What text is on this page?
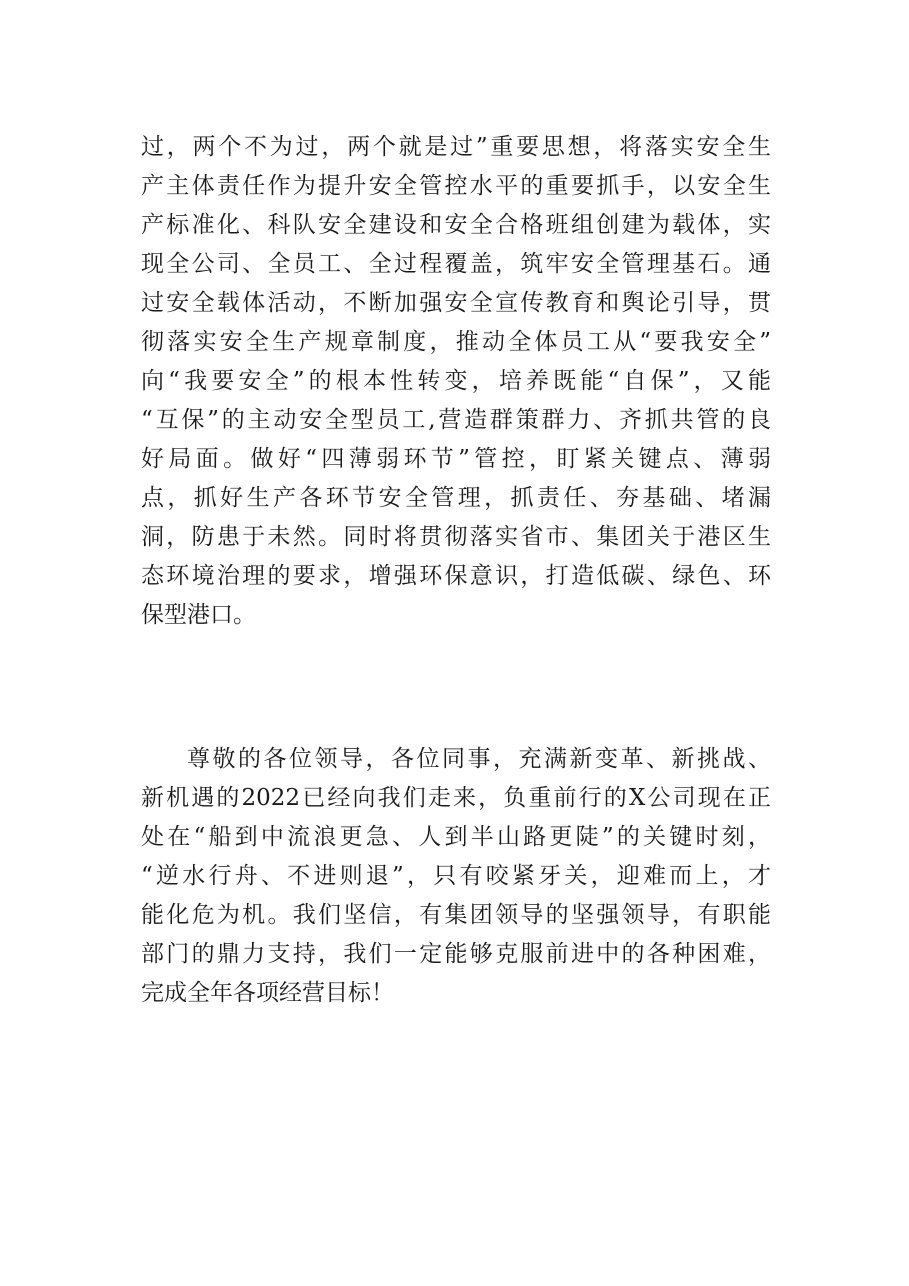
过，两个不为过，两个就是过”重要思想，将落实安全生
产主体责任作为提升安全管控水平的重要抓手，以安全生
产标准化、科队安全建设和安全合格班组创建为载体，实
现全公司、全员工、全过程覆盖，筑牢安全管理基石。通
过安全载体活动，不断加强安全宣传教育和舆论引导，贯
彻落实安全生产规章制度，推动全体员工从“要我安全”
向“我要安全”的根本性转变，培养既能“自保”，又能
“互保”的主动安全型员工,营造群策群力、齐抓共管的良
好局面。做好“四薄弱环节”管控，盯紧关键点、薄弱
点，抓好生产各环节安全管理，抓责任、夯基础、堵漏
洞，防患于未然。同时将贯彻落实省市、集团关于港区生
态环境治理的要求，增强环保意识，打造低碳、绿色、环
保型港口。
尊敬的各位领导，各位同事，充满新变革、新挑战、
新机遇的2022已经向我们走来，负重前行的X公司现在正
处在“船到中流浪更急、人到半山路更陡”的关键时刻，
“逆水行舟、不进则退”，只有咬紧牙关，迎难而上，才
能化危为机。我们坚信，有集团领导的坚强领导，有职能
部门的鼎力支持，我们一定能够克服前进中的各种困难，
完成全年各项经营目标！
